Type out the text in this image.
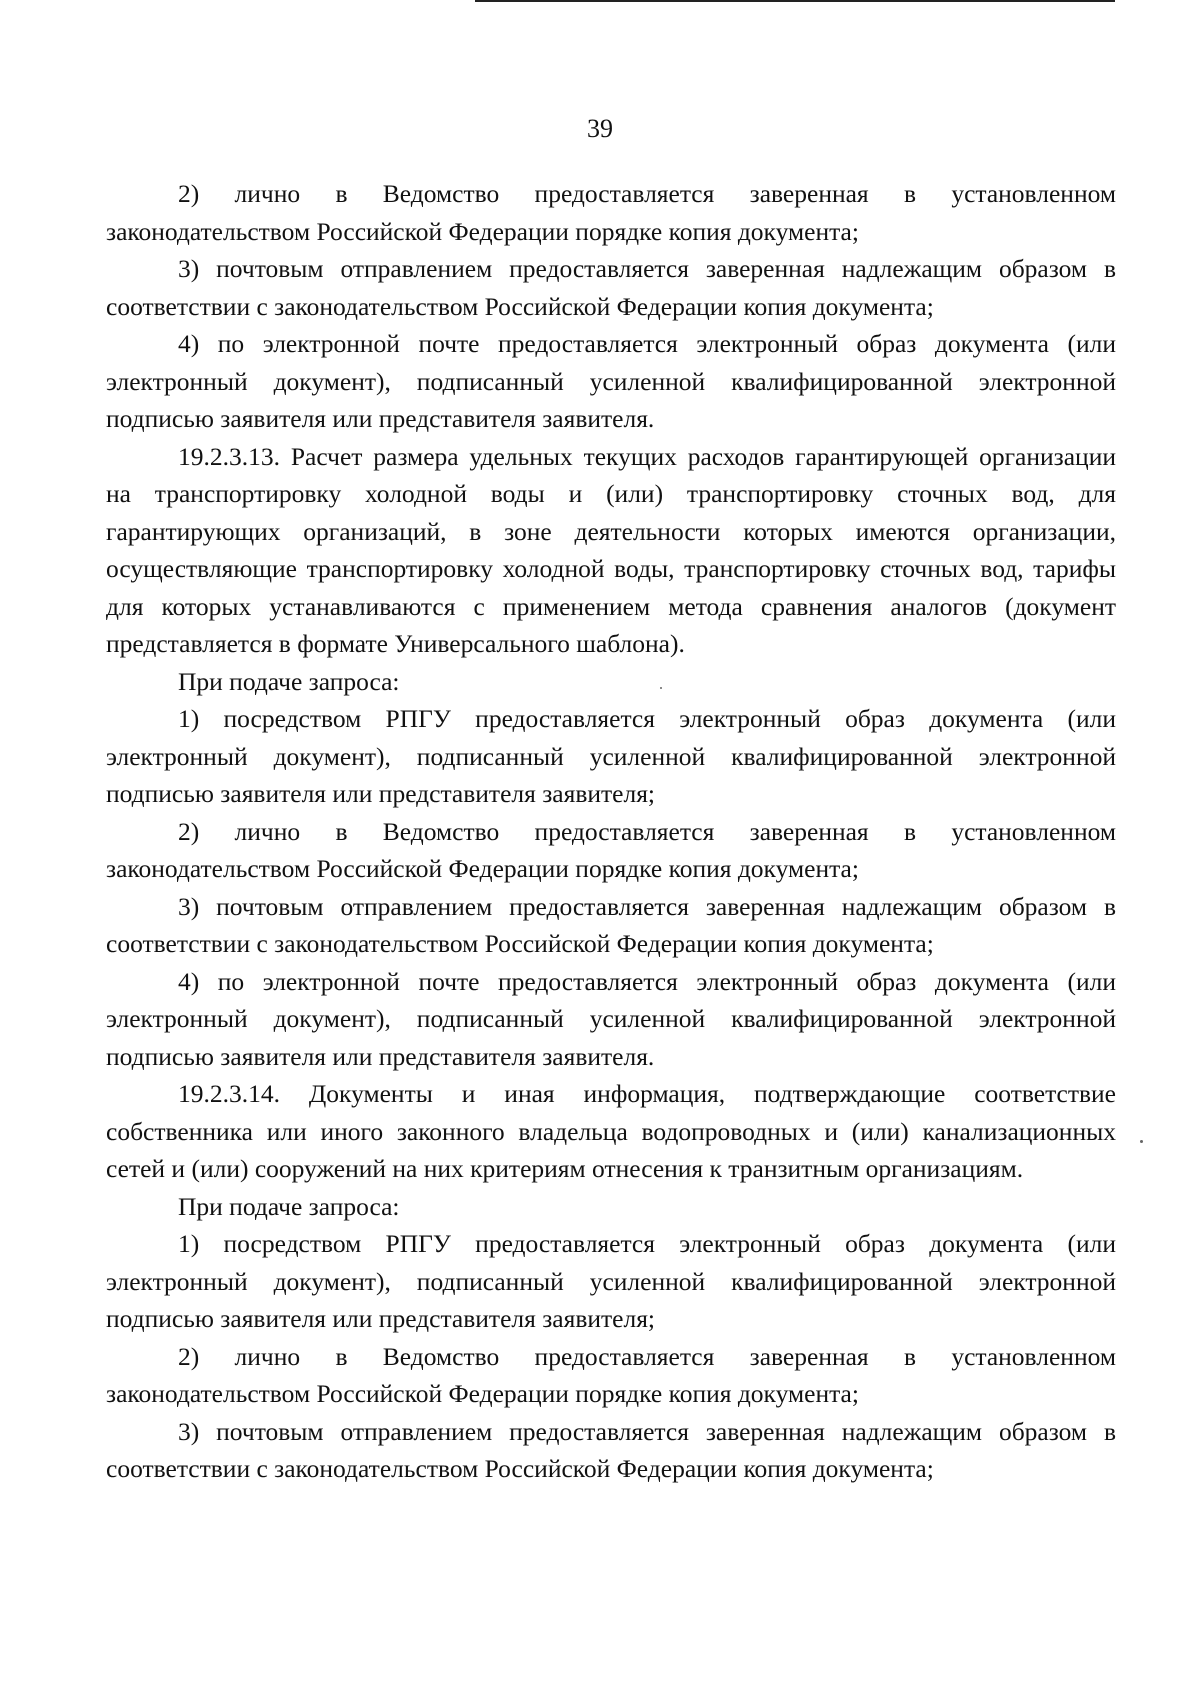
39

2) лично в Ведомство предоставляется заверенная в установленном законодательством Российской Федерации порядке копия документа;

3) почтовым отправлением предоставляется заверенная надлежащим образом в соответствии с законодательством Российской Федерации копия документа;

4) по электронной почте предоставляется электронный образ документа (или электронный документ), подписанный усиленной квалифицированной электронной подписью заявителя или представителя заявителя.

19.2.3.13. Расчет размера удельных текущих расходов гарантирующей организации на транспортировку холодной воды и (или) транспортировку сточных вод, для гарантирующих организаций, в зоне деятельности которых имеются организации, осуществляющие транспортировку холодной воды, транспортировку сточных вод, тарифы для которых устанавливаются с применением метода сравнения аналогов (документ представляется в формате Универсального шаблона).

При подаче запроса:

1) посредством РПГУ предоставляется электронный образ документа (или электронный документ), подписанный усиленной квалифицированной электронной подписью заявителя или представителя заявителя;

2) лично в Ведомство предоставляется заверенная в установленном законодательством Российской Федерации порядке копия документа;

3) почтовым отправлением предоставляется заверенная надлежащим образом в соответствии с законодательством Российской Федерации копия документа;

4) по электронной почте предоставляется электронный образ документа (или электронный документ), подписанный усиленной квалифицированной электронной подписью заявителя или представителя заявителя.

19.2.3.14. Документы и иная информация, подтверждающие соответствие собственника или иного законного владельца водопроводных и (или) канализационных сетей и (или) сооружений на них критериям отнесения к транзитным организациям.

При подаче запроса:

1) посредством РПГУ предоставляется электронный образ документа (или электронный документ), подписанный усиленной квалифицированной электронной подписью заявителя или представителя заявителя;

2) лично в Ведомство предоставляется заверенная в установленном законодательством Российской Федерации порядке копия документа;

3) почтовым отправлением предоставляется заверенная надлежащим образом в соответствии с законодательством Российской Федерации копия документа;
